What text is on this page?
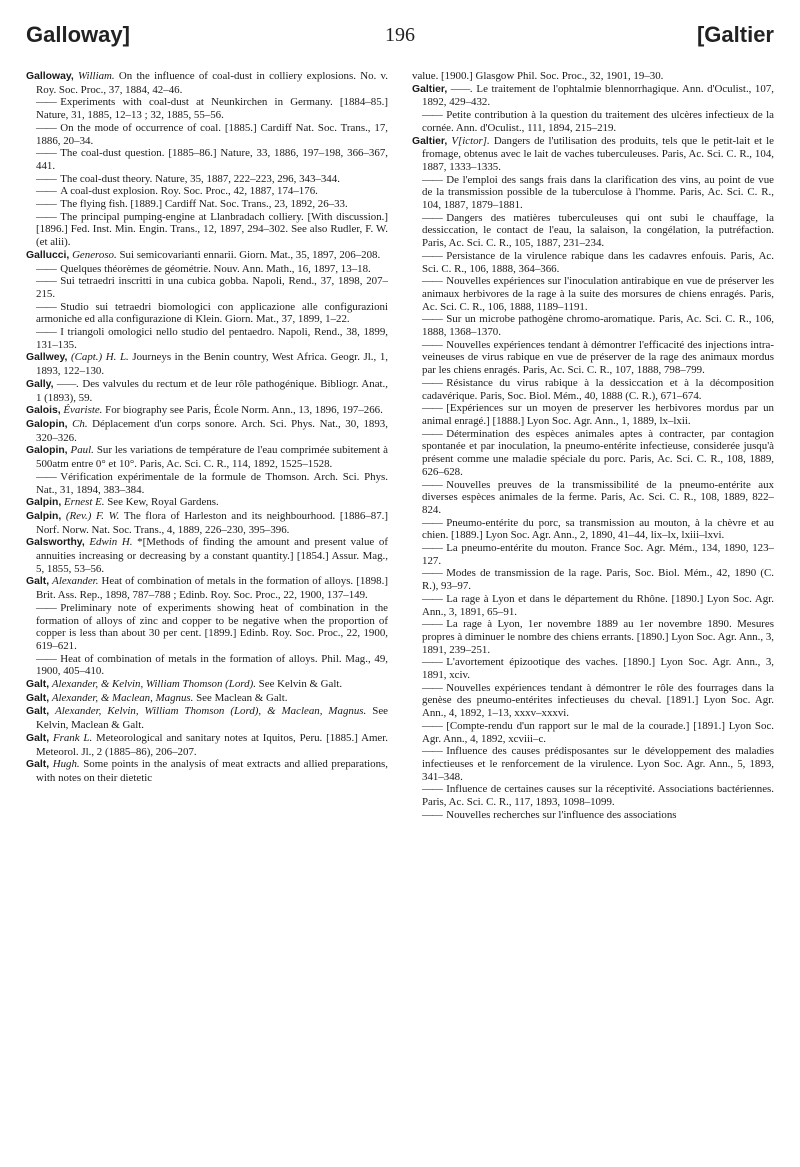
Galloway]	196	[Galtier

Galloway, William. On the influence of coal-dust in colliery explosions. No. v. Roy. Soc. Proc., 37, 1884, 42–46.

—— Experiments with coal-dust at Neunkirchen in Germany. [1884–85.] Nature, 31, 1885, 12–13 ; 32, 1885, 55–56.

—— On the mode of occurrence of coal. [1885.] Cardiff Nat. Soc. Trans., 17, 1886, 20–34.

—— The coal-dust question. [1885–86.] Nature, 33, 1886, 197–198, 366–367, 441.

—— The coal-dust theory. Nature, 35, 1887, 222–223, 296, 343–344.

—— A coal-dust explosion. Roy. Soc. Proc., 42, 1887, 174–176.

—— The flying fish. [1889.] Cardiff Nat. Soc. Trans., 23, 1892, 26–33.

—— The principal pumping-engine at Llanbradach colliery. [With discussion.] [1896.] Fed. Inst. Min. Engin. Trans., 12, 1897, 294–302. See also Rudler, F. W. (et alii).

Gallucci, Generoso. Sui semicovarianti ennarii. Giorn. Mat., 35, 1897, 206–208.

—— Quelques théorèmes de géométrie. Nouv. Ann. Math., 16, 1897, 13–18.

—— Sui tetraedri inscritti in una cubica gobba. Napoli, Rend., 37, 1898, 207–215.

—— Studio sui tetraedri biomologici con applicazione alle configurazioni armoniche ed alla configurazione di Klein. Giorn. Mat., 37, 1899, 1–22.

—— I triangoli omologici nello studio del pentaedro. Napoli, Rend., 38, 1899, 131–135.

Gallwey, (Capt.) H. L. Journeys in the Benin country, West Africa. Geogr. Jl., 1, 1893, 122–130.

Gally, ——. Des valvules du rectum et de leur rôle pathogénique. Bibliogr. Anat., 1 (1893), 59.

Galois, Évariste. For biography see Paris, École Norm. Ann., 13, 1896, 197–266.

Galopin, Ch. Déplacement d'un corps sonore. Arch. Sci. Phys. Nat., 30, 1893, 320–326.

Galopin, Paul. Sur les variations de température de l'eau comprimée subitement à 500atm entre 0° et 10°. Paris, Ac. Sci. C. R., 114, 1892, 1525–1528.

—— Vérification expérimentale de la formule de Thomson. Arch. Sci. Phys. Nat., 31, 1894, 383–384.

Galpin, Ernest E. See Kew, Royal Gardens.

Galpin, (Rev.) F. W. The flora of Harleston and its neighbourhood. [1886–87.] Norf. Norw. Nat. Soc. Trans., 4, 1889, 226–230, 395–396.

Galsworthy, Edwin H. *[Methods of finding the amount and present value of annuities increasing or decreasing by a constant quantity.] [1854.] Assur. Mag., 5, 1855, 53–56.

Galt, Alexander. Heat of combination of metals in the formation of alloys. [1898.] Brit. Ass. Rep., 1898, 787–788 ; Edinb. Roy. Soc. Proc., 22, 1900, 137–149.

—— Preliminary note of experiments showing heat of combination in the formation of alloys of zinc and copper to be negative when the proportion of copper is less than about 30 per cent. [1899.] Edinb. Roy. Soc. Proc., 22, 1900, 619–621.

—— Heat of combination of metals in the formation of alloys. Phil. Mag., 49, 1900, 405–410.

Galt, Alexander, & Kelvin, William Thomson (Lord). See Kelvin & Galt.

Galt, Alexander, & Maclean, Magnus. See Maclean & Galt.

Galt, Alexander, Kelvin, William Thomson (Lord), & Maclean, Magnus. See Kelvin, Maclean & Galt.

Galt, Frank L. Meteorological and sanitary notes at Iquitos, Peru. [1885.] Amer. Meteorol. Jl., 2 (1885–86), 206–207.

Galt, Hugh. Some points in the analysis of meat extracts and allied preparations, with notes on their dietetic

value. [1900.] Glasgow Phil. Soc. Proc., 32, 1901, 19–30.

Galtier, ——. Le traitement de l'ophtalmie blennorrhagique. Ann. d'Oculist., 107, 1892, 429–432.

—— Petite contribution à la question du traitement des ulcères infectieux de la cornée. Ann. d'Oculist., 111, 1894, 215–219.

Galtier, V[ictor]. Dangers de l'utilisation des produits, tels que le petit-lait et le fromage, obtenus avec le lait de vaches tuberculeuses. Paris, Ac. Sci. C. R., 104, 1887, 1333–1335.

—— De l'emploi des sangs frais dans la clarification des vins, au point de vue de la transmission possible de la tuberculose à l'homme. Paris, Ac. Sci. C. R., 104, 1887, 1879–1881.

—— Dangers des matières tuberculeuses qui ont subi le chauffage, la dessiccation, le contact de l'eau, la salaison, la congélation, la putréfaction. Paris, Ac. Sci. C. R., 105, 1887, 231–234.

—— Persistance de la virulence rabique dans les cadavres enfouis. Paris, Ac. Sci. C. R., 106, 1888, 364–366.

—— Nouvelles expériences sur l'inoculation antirabique en vue de préserver les animaux herbivores de la rage à la suite des morsures de chiens enragés. Paris, Ac. Sci. C. R., 106, 1888, 1189–1191.

—— Sur un microbe pathogène chromo-aromatique. Paris, Ac. Sci. C. R., 106, 1888, 1368–1370.

—— Nouvelles expériences tendant à démontrer l'efficacité des injections intra-veineuses de virus rabique en vue de préserver de la rage des animaux mordus par les chiens enragés. Paris, Ac. Sci. C. R., 107, 1888, 798–799.

—— Résistance du virus rabique à la dessiccation et à la décomposition cadavérique. Paris, Soc. Biol. Mém., 40, 1888 (C. R.), 671–674.

—— [Expériences sur un moyen de preserver les herbivores mordus par un animal enragé.] [1888.] Lyon Soc. Agr. Ann., 1, 1889, lx–lxii.

—— Détermination des espèces animales aptes à contracter, par contagion spontanée et par inoculation, la pneumo-entérite infectieuse, considerée jusqu'à présent comme une maladie spéciale du porc. Paris, Ac. Sci. C. R., 108, 1889, 626–628.

—— Nouvelles preuves de la transmissibilité de la pneumo-entérite aux diverses espèces animales de la ferme. Paris, Ac. Sci. C. R., 108, 1889, 822–824.

—— Pneumo-entérite du porc, sa transmission au mouton, à la chèvre et au chien. [1889.] Lyon Soc. Agr. Ann., 2, 1890, 41–44, lix–lx, lxiii–lxvi.

—— La pneumo-entérite du mouton. France Soc. Agr. Mém., 134, 1890, 123–127.

—— Modes de transmission de la rage. Paris, Soc. Biol. Mém., 42, 1890 (C. R.), 93–97.

—— La rage à Lyon et dans le département du Rhône. [1890.] Lyon Soc. Agr. Ann., 3, 1891, 65–91.

—— La rage à Lyon, 1er novembre 1889 au 1er novembre 1890. Mesures propres à diminuer le nombre des chiens errants. [1890.] Lyon Soc. Agr. Ann., 3, 1891, 239–251.

—— L'avortement épizootique des vaches. [1890.] Lyon Soc. Agr. Ann., 3, 1891, xciv.

—— Nouvelles expériences tendant à démontrer le rôle des fourrages dans la genèse des pneumo-entérites infectieuses du cheval. [1891.] Lyon Soc. Agr. Ann., 4, 1892, 1–13, xxxv–xxxvi.

—— [Compte-rendu d'un rapport sur le mal de la courade.] [1891.] Lyon Soc. Agr. Ann., 4, 1892, xcviii–c.

—— Influence des causes prédisposantes sur le développement des maladies infectieuses et le renforcement de la virulence. Lyon Soc. Agr. Ann., 5, 1893, 341–348.

—— Influence de certaines causes sur la réceptivité. Associations bactériennes. Paris, Ac. Sci. C. R., 117, 1893, 1098–1099.

—— Nouvelles recherches sur l'influence des associations
